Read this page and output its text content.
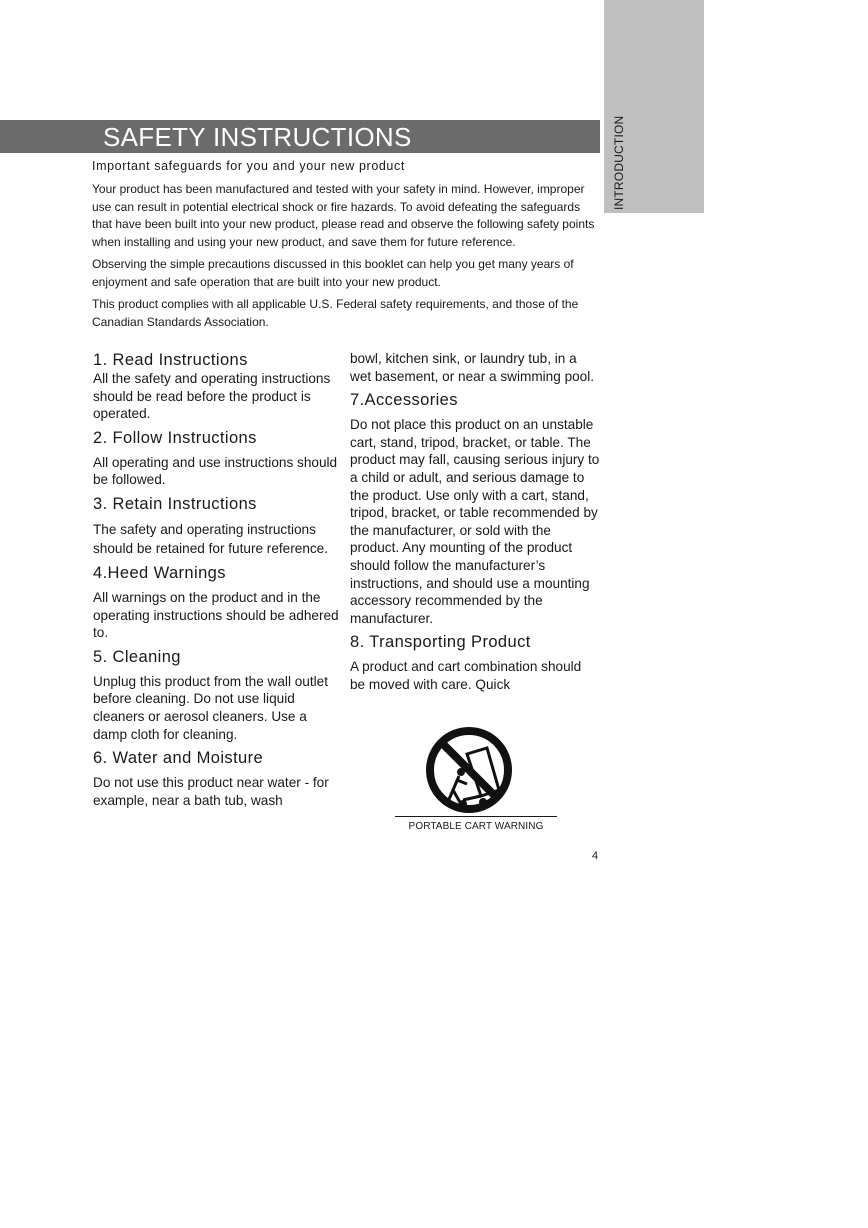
INTRODUCTION
SAFETY INSTRUCTIONS
Important safeguards for you and your new product

Your product has been manufactured and tested with your safety in mind. However, improper use can result in potential electrical shock or fire hazards. To avoid defeating the safeguards that have been built into your new product, please read and observe the following safety points when installing and using your new product, and save them for future reference.

Observing the simple precautions discussed in this booklet can help you get many years of enjoyment and safe operation that are built into your new product.

This product complies with all applicable U.S. Federal safety requirements, and those of the Canadian Standards Association.

1. Read Instructions

All the safety and operating instructions should be read before the product is operated.

2. Follow Instructions

All operating and use instructions should be followed.

3. Retain Instructions

The safety and operating instructions should be retained for future reference.

4.Heed Warnings

All warnings on the product and in the operating instructions should be adhered to.

5. Cleaning

Unplug this product from the wall outlet before cleaning. Do not use liquid cleaners or aerosol cleaners. Use a damp cloth for cleaning.

6. Water and Moisture

Do not use this product near water - for example, near a bath tub, wash

bowl, kitchen sink, or laundry tub, in a wet basement, or near a swimming pool.

7.Accessories

Do not place this product on an unstable cart, stand, tripod, bracket, or table. The product may fall, causing serious injury to a child or adult, and serious damage to the product. Use only with a cart, stand, tripod, bracket, or table recommended by the manufacturer, or sold with the product. Any mounting of the product should follow the manufacturer’s instructions, and should use a mounting accessory recommended by the manufacturer.

8. Transporting Product

A product and cart combination should be moved with care. Quick

PORTABLE CART WARNING
4
